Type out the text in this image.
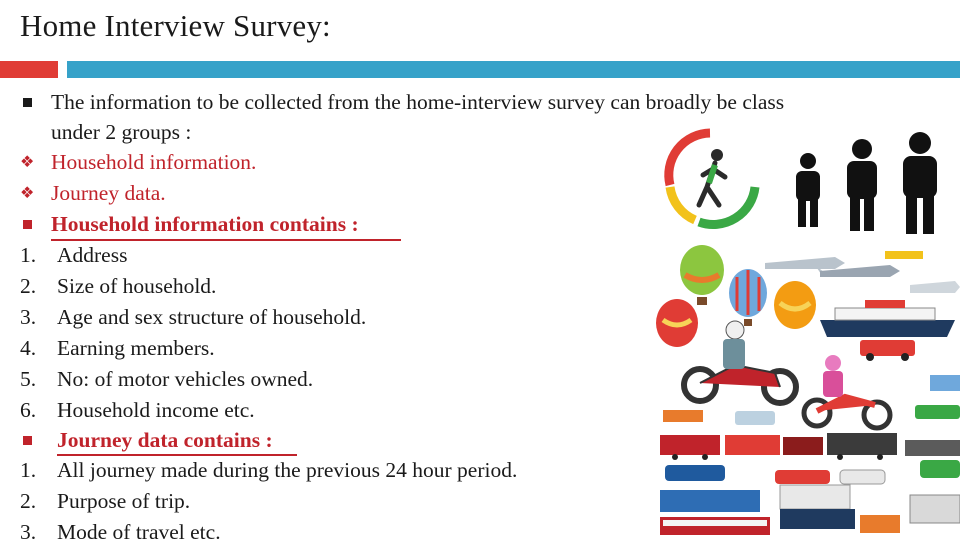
Home Interview Survey:
The information to be collected from the home-interview survey can broadly be class
under 2 groups :
❖ Household information.
❖ Journey data.
Household information contains :
1. Address
2. Size of household.
3. Age and sex structure of household.
4. Earning members.
5. No: of motor vehicles owned.
6. Household income etc.
Journey data contains :
1. All journey made during the previous 24 hour period.
2. Purpose of trip.
3. Mode of travel etc.
